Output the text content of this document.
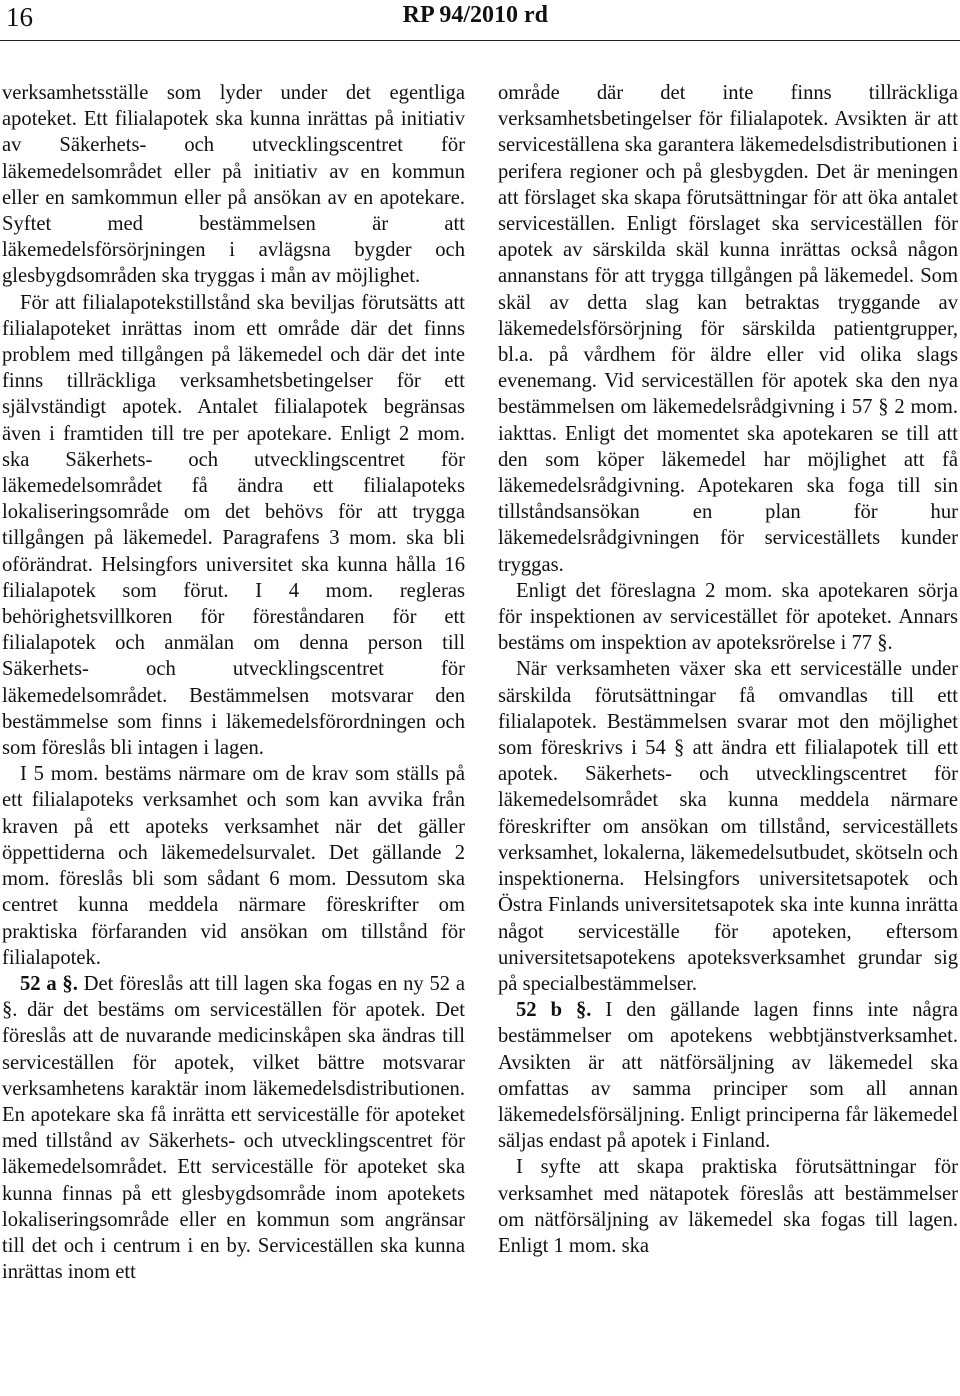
16	RP 94/2010 rd

verksamhetsställe som lyder under det egentliga apoteket. Ett filialapotek ska kunna inrättas på initiativ av Säkerhets- och utvecklingscentret för läkemedelsområdet eller på initiativ av en kommun eller en samkommun eller på ansökan av en apotekare. Syftet med bestämmelsen är att läkemedelsförsörjningen i avlägsna bygder och glesbygdsområden ska tryggas i mån av möjlighet.

För att filialapotekstillstånd ska beviljas förutsätts att filialapoteket inrättas inom ett område där det finns problem med tillgången på läkemedel och där det inte finns tillräckliga verksamhetsbetingelser för ett självständigt apotek. Antalet filialapotek begränsas även i framtiden till tre per apotekare. Enligt 2 mom. ska Säkerhets- och utvecklingscentret för läkemedelsområdet få ändra ett filialapoteks lokaliseringsområde om det behövs för att trygga tillgången på läkemedel. Paragrafens 3 mom. ska bli oförändrat. Helsingfors universitet ska kunna hålla 16 filialapotek som förut. I 4 mom. regleras behörighetsvillkoren för föreståndaren för ett filialapotek och anmälan om denna person till Säkerhets- och utvecklingscentret för läkemedelsområdet. Bestämmelsen motsvarar den bestämmelse som finns i läkemedelsförordningen och som föreslås bli intagen i lagen.

I 5 mom. bestäms närmare om de krav som ställs på ett filialapoteks verksamhet och som kan avvika från kraven på ett apoteks verksamhet när det gäller öppettiderna och läkemedelsurvalet. Det gällande 2 mom. föreslås bli som sådant 6 mom. Dessutom ska centret kunna meddela närmare föreskrifter om praktiska förfaranden vid ansökan om tillstånd för filialapotek.

52 a §. Det föreslås att till lagen ska fogas en ny 52 a §. där det bestäms om serviceställen för apotek. Det föreslås att de nuvarande medicinskåpen ska ändras till serviceställen för apotek, vilket bättre motsvarar verksamhetens karaktär inom läkemedelsdistributionen. En apotekare ska få inrätta ett serviceställe för apoteket med tillstånd av Säkerhets- och utvecklingscentret för läkemedelsområdet. Ett serviceställe för apoteket ska kunna finnas på ett glesbygdsområde inom apotekets lokaliseringsområde eller en kommun som angränsar till det och i centrum i en by. Serviceställen ska kunna inrättas inom ett

område där det inte finns tillräckliga verksamhetsbetingelser för filialapotek. Avsikten är att serviceställena ska garantera läkemedelsdistributionen i perifera regioner och på glesbygden. Det är meningen att förslaget ska skapa förutsättningar för att öka antalet serviceställen. Enligt förslaget ska serviceställen för apotek av särskilda skäl kunna inrättas också någon annanstans för att trygga tillgången på läkemedel. Som skäl av detta slag kan betraktas tryggande av läkemedelsförsörjning för särskilda patientgrupper, bl.a. på vårdhem för äldre eller vid olika slags evenemang. Vid serviceställen för apotek ska den nya bestämmelsen om läkemedelsrådgivning i 57 § 2 mom. iakttas. Enligt det momentet ska apotekaren se till att den som köper läkemedel har möjlighet att få läkemedelsrådgivning. Apotekaren ska foga till sin tillståndsansökan en plan för hur läkemedelsrådgivningen för serviceställets kunder tryggas.

Enligt det föreslagna 2 mom. ska apotekaren sörja för inspektionen av servicestället för apoteket. Annars bestäms om inspektion av apoteksrörelse i 77 §.

När verksamheten växer ska ett serviceställe under särskilda förutsättningar få omvandlas till ett filialapotek. Bestämmelsen svarar mot den möjlighet som föreskrivs i 54 § att ändra ett filialapotek till ett apotek. Säkerhets- och utvecklingscentret för läkemedelsområdet ska kunna meddela närmare föreskrifter om ansökan om tillstånd, serviceställets verksamhet, lokalerna, läkemedelsutbudet, skötseln och inspektionerna. Helsingfors universitetsapotek och Östra Finlands universitetsapotek ska inte kunna inrätta något serviceställe för apoteken, eftersom universitetsapotekens apoteksverksamhet grundar sig på specialbestämmelser.

52 b §. I den gällande lagen finns inte några bestämmelser om apotekens webbtjänstverksamhet. Avsikten är att nätförsäljning av läkemedel ska omfattas av samma principer som all annan läkemedelsförsäljning. Enligt principerna får läkemedel säljas endast på apotek i Finland.

I syfte att skapa praktiska förutsättningar för verksamhet med nätapotek föreslås att bestämmelser om nätförsäljning av läkemedel ska fogas till lagen. Enligt 1 mom. ska
